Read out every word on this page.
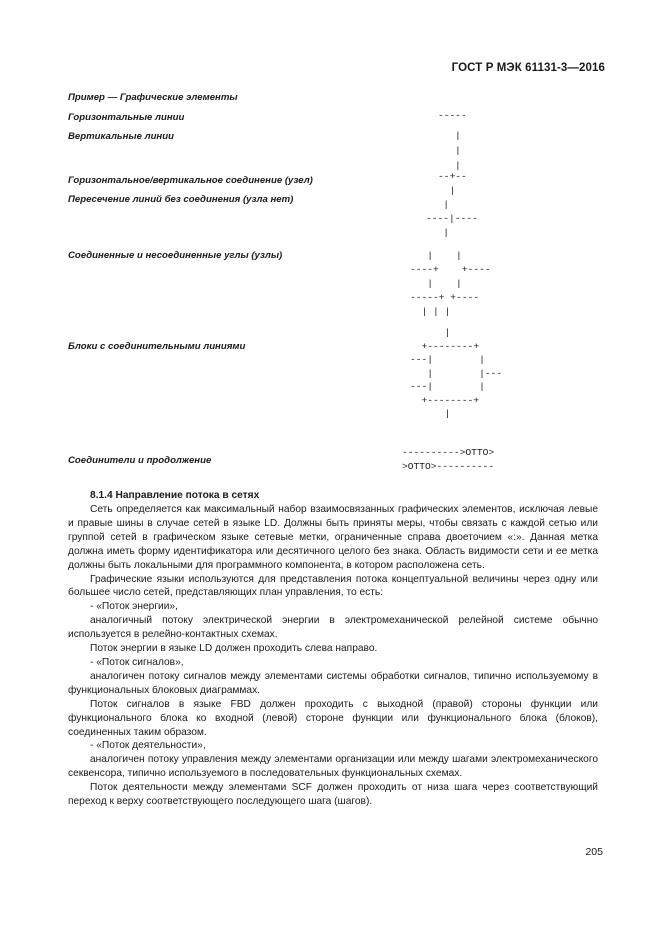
ГОСТ Р МЭК 61131-3—2016
Пример — Графические элементы
Горизонтальные линии	-----
Вертикальные линии	|
|
|
Горизонтальное/вертикальное соединение (узел)	--+--
|
Пересечение линий без соединения (узла нет)	|
----|----
|
Соединенные и несоединенные углы (узлы)	|    |
----+    +----
|    |
-----+ +----
| | |
Блоки с соединительными линиями
|
+--------+
---|        |
|        |---
---|        |
+--------+
|
Соединители и продолжение
---------->OTTO>
>OTTO>----------
8.1.4 Направление потока в сетях

Сеть определяется как максимальный набор взаимосвязанных графических элементов, исключая левые и правые шины в случае сетей в языке LD. Должны быть приняты меры, чтобы связать с каждой сетью или группой сетей в графическом языке сетевые метки, ограниченные справа двоеточием «:». Данная метка должна иметь форму идентификатора или десятичного целого без знака. Область видимости сети и ее метка должны быть локальными для программного компонента, в котором расположена сеть.

Графические языки используются для представления потока концептуальной величины через одну или большее число сетей, представляющих план управления, то есть:

- «Поток энергии»,

аналогичный потоку электрической энергии в электромеханической релейной системе обычно используется в релейно-контактных схемах.

Поток энергии в языке LD должен проходить слева направо.

- «Поток сигналов»,

аналогичен потоку сигналов между элементами системы обработки сигналов, типично используемому в функциональных блоковых диаграммах.

Поток сигналов в языке FBD должен проходить с выходной (правой) стороны функции или функционального блока ко входной (левой) стороне функции или функционального блока (блоков), соединенных таким образом.

- «Поток деятельности»,

аналогичен потоку управления между элементами организации или между шагами электромеханического секвенсора, типично используемого в последовательных функциональных схемах.

Поток деятельности между элементами SCF должен проходить от низа шага через соответствующий переход к верху соответствующего последующего шага (шагов).

205
